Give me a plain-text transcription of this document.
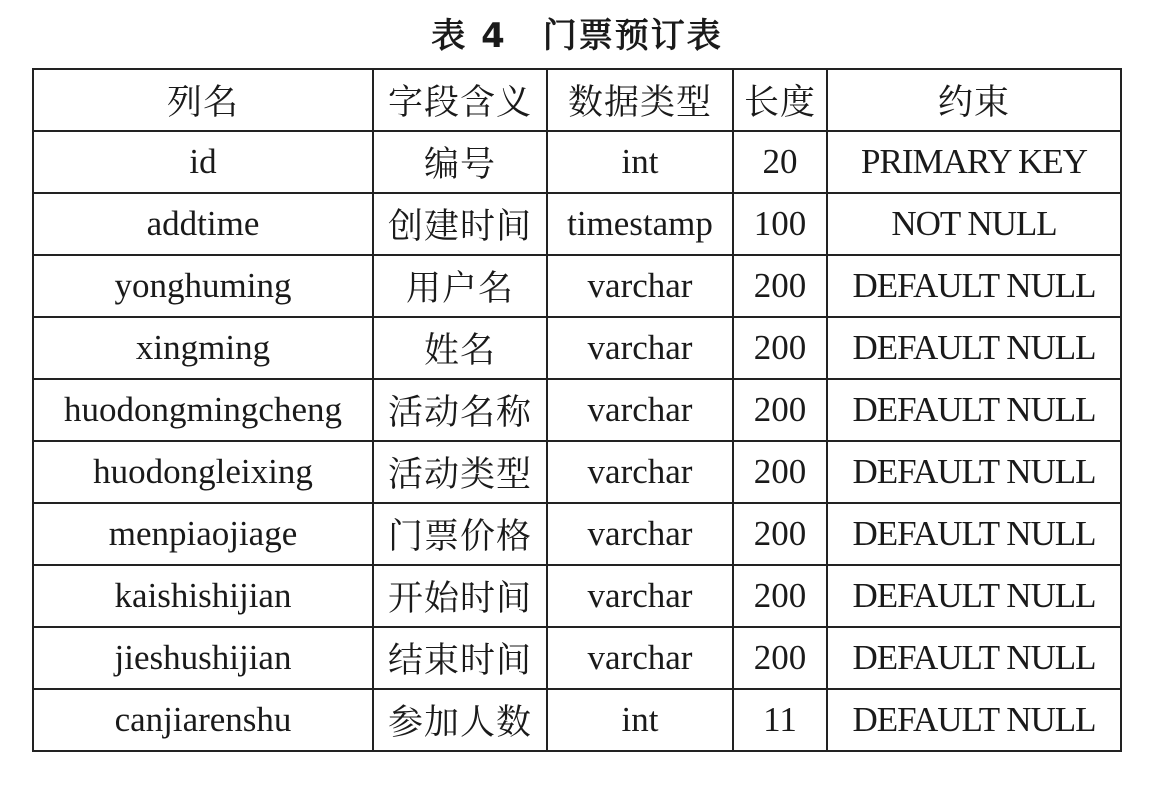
表 4 门票预订表
列名	字段含义	数据类型	长度	约束
id	编号	int	20	PRIMARY KEY
addtime	创建时间	timestamp	100	NOT NULL
yonghuming	用户名	varchar	200	DEFAULT NULL
xingming	姓名	varchar	200	DEFAULT NULL
huodongmingcheng	活动名称	varchar	200	DEFAULT NULL
huodongleixing	活动类型	varchar	200	DEFAULT NULL
menpiaojiage	门票价格	varchar	200	DEFAULT NULL
kaishishijian	开始时间	varchar	200	DEFAULT NULL
jieshushijian	结束时间	varchar	200	DEFAULT NULL
canjiarenshu	参加人数	int	11	DEFAULT NULL
